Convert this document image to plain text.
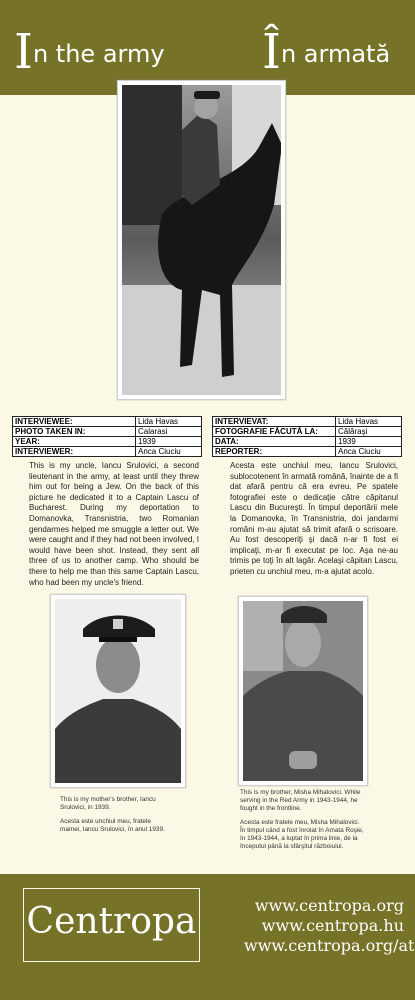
In the army În armată
INTERVIEWEE:	Lida Havas
PHOTO TAKEN IN:	Calarasi
YEAR:	1939
INTERVIEWER:	Anca Ciuciu
INTERVIEVAT:	Lida Havas
FOTOGRAFIE FĂCUTĂ LA:	Călăraşi
DATA:	1939
REPORTER:	Anca Ciuciu
This is my uncle, Iancu Srulovici, a second lieutenant in the army, at least until they threw him out for being a Jew. On the back of this picture he dedicated it to a Captain Lascu of Bucharest. During my deportation to Domanovka, Transnistria, two Romanian gendarmes helped me smuggle a letter out. We were caught and if they had not been involved, I would have been shot. Instead, they sent all three of us to another camp. Who should be there to help me than this same Captain Lascu, who had been my uncle's friend.
Acesta este unchiul meu, Iancu Srulovici, sublocotenent în armată română, înainte de a fi dat afară pentru că era evreu. Pe spatele fotografiei este o dedicaţie către căpitanul Lascu din Bucureşti. În timpul deportării mele la Domanovka, în Transnistria, doi jandarmi români m-au ajutat să trimit afară o scrisoare. Au fost descoperiţi şi dacă n-ar fi fost ei implicaţi, m-ar fi executat pe loc. Aşa ne-au trimis pe toţi în alt lagăr. Acelaşi căpitan Lascu, prieten cu unchiul meu, m-a ajutat acolo.

This is my mother's brother, Iancu Srulovici, in 1939.

Acesta este unchiul meu, fratele mamei, Iancu Srulovici, în anul 1939.

This is my brother, Misha Mihalovici. While serving in the Red Army in 1943-1944, he fought in the frontline.

Acesta este fratele meu, Misha Mihalovici. În timpul când a fost înrolat în Amata Roşie, în 1943-1944, a luptat în prima linie, de la începutul până la sfârşitul războiului.

Centropa	www.centropa.org
www.centropa.hu
www.centropa.org/at
